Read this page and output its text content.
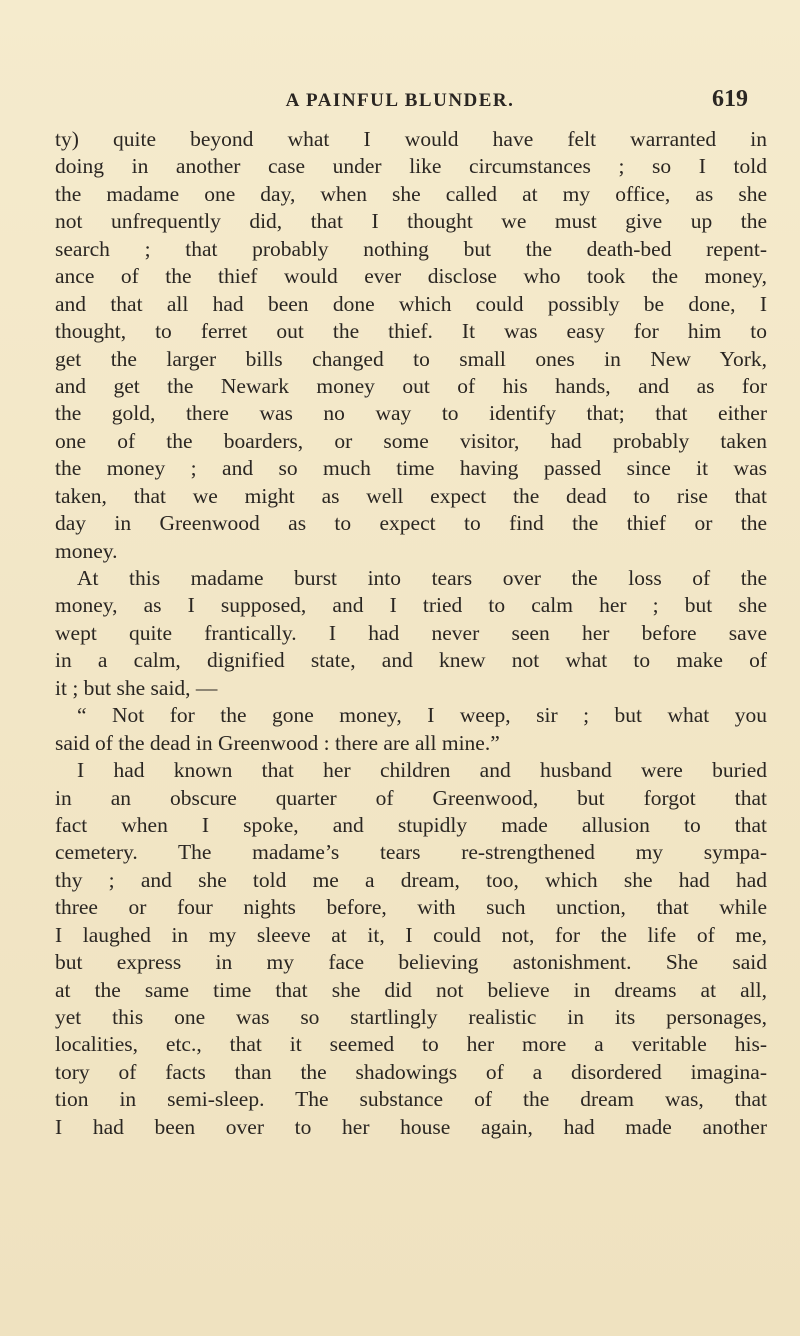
A PAINFUL BLUNDER.	619
ty) quite beyond what I would have felt warranted in
doing in another case under like circumstances ; so I told
the madame one day, when she called at my office, as she
not unfrequently did, that I thought we must give up the
search ; that probably nothing but the death-bed repent-
ance of the thief would ever disclose who took the money,
and that all had been done which could possibly be done, I
thought, to ferret out the thief. It was easy for him to
get the larger bills changed to small ones in New York,
and get the Newark money out of his hands, and as for
the gold, there was no way to identify that; that either
one of the boarders, or some visitor, had probably taken
the money ; and so much time having passed since it was
taken, that we might as well expect the dead to rise that
day in Greenwood as to expect to find the thief or the
money.
At this madame burst into tears over the loss of the
money, as I supposed, and I tried to calm her ; but she
wept quite frantically. I had never seen her before save
in a calm, dignified state, and knew not what to make of
it ; but she said, —
“ Not for the gone money, I weep, sir ; but what you
said of the dead in Greenwood : there are all mine.”
I had known that her children and husband were buried
in an obscure quarter of Greenwood, but forgot that
fact when I spoke, and stupidly made allusion to that
cemetery. The madame’s tears re-strengthened my sympa-
thy ; and she told me a dream, too, which she had had
three or four nights before, with such unction, that while
I laughed in my sleeve at it, I could not, for the life of me,
but express in my face believing astonishment. She said
at the same time that she did not believe in dreams at all,
yet this one was so startlingly realistic in its personages,
localities, etc., that it seemed to her more a veritable his-
tory of facts than the shadowings of a disordered imagina-
tion in semi-sleep. The substance of the dream was, that
I had been over to her house again, had made another
